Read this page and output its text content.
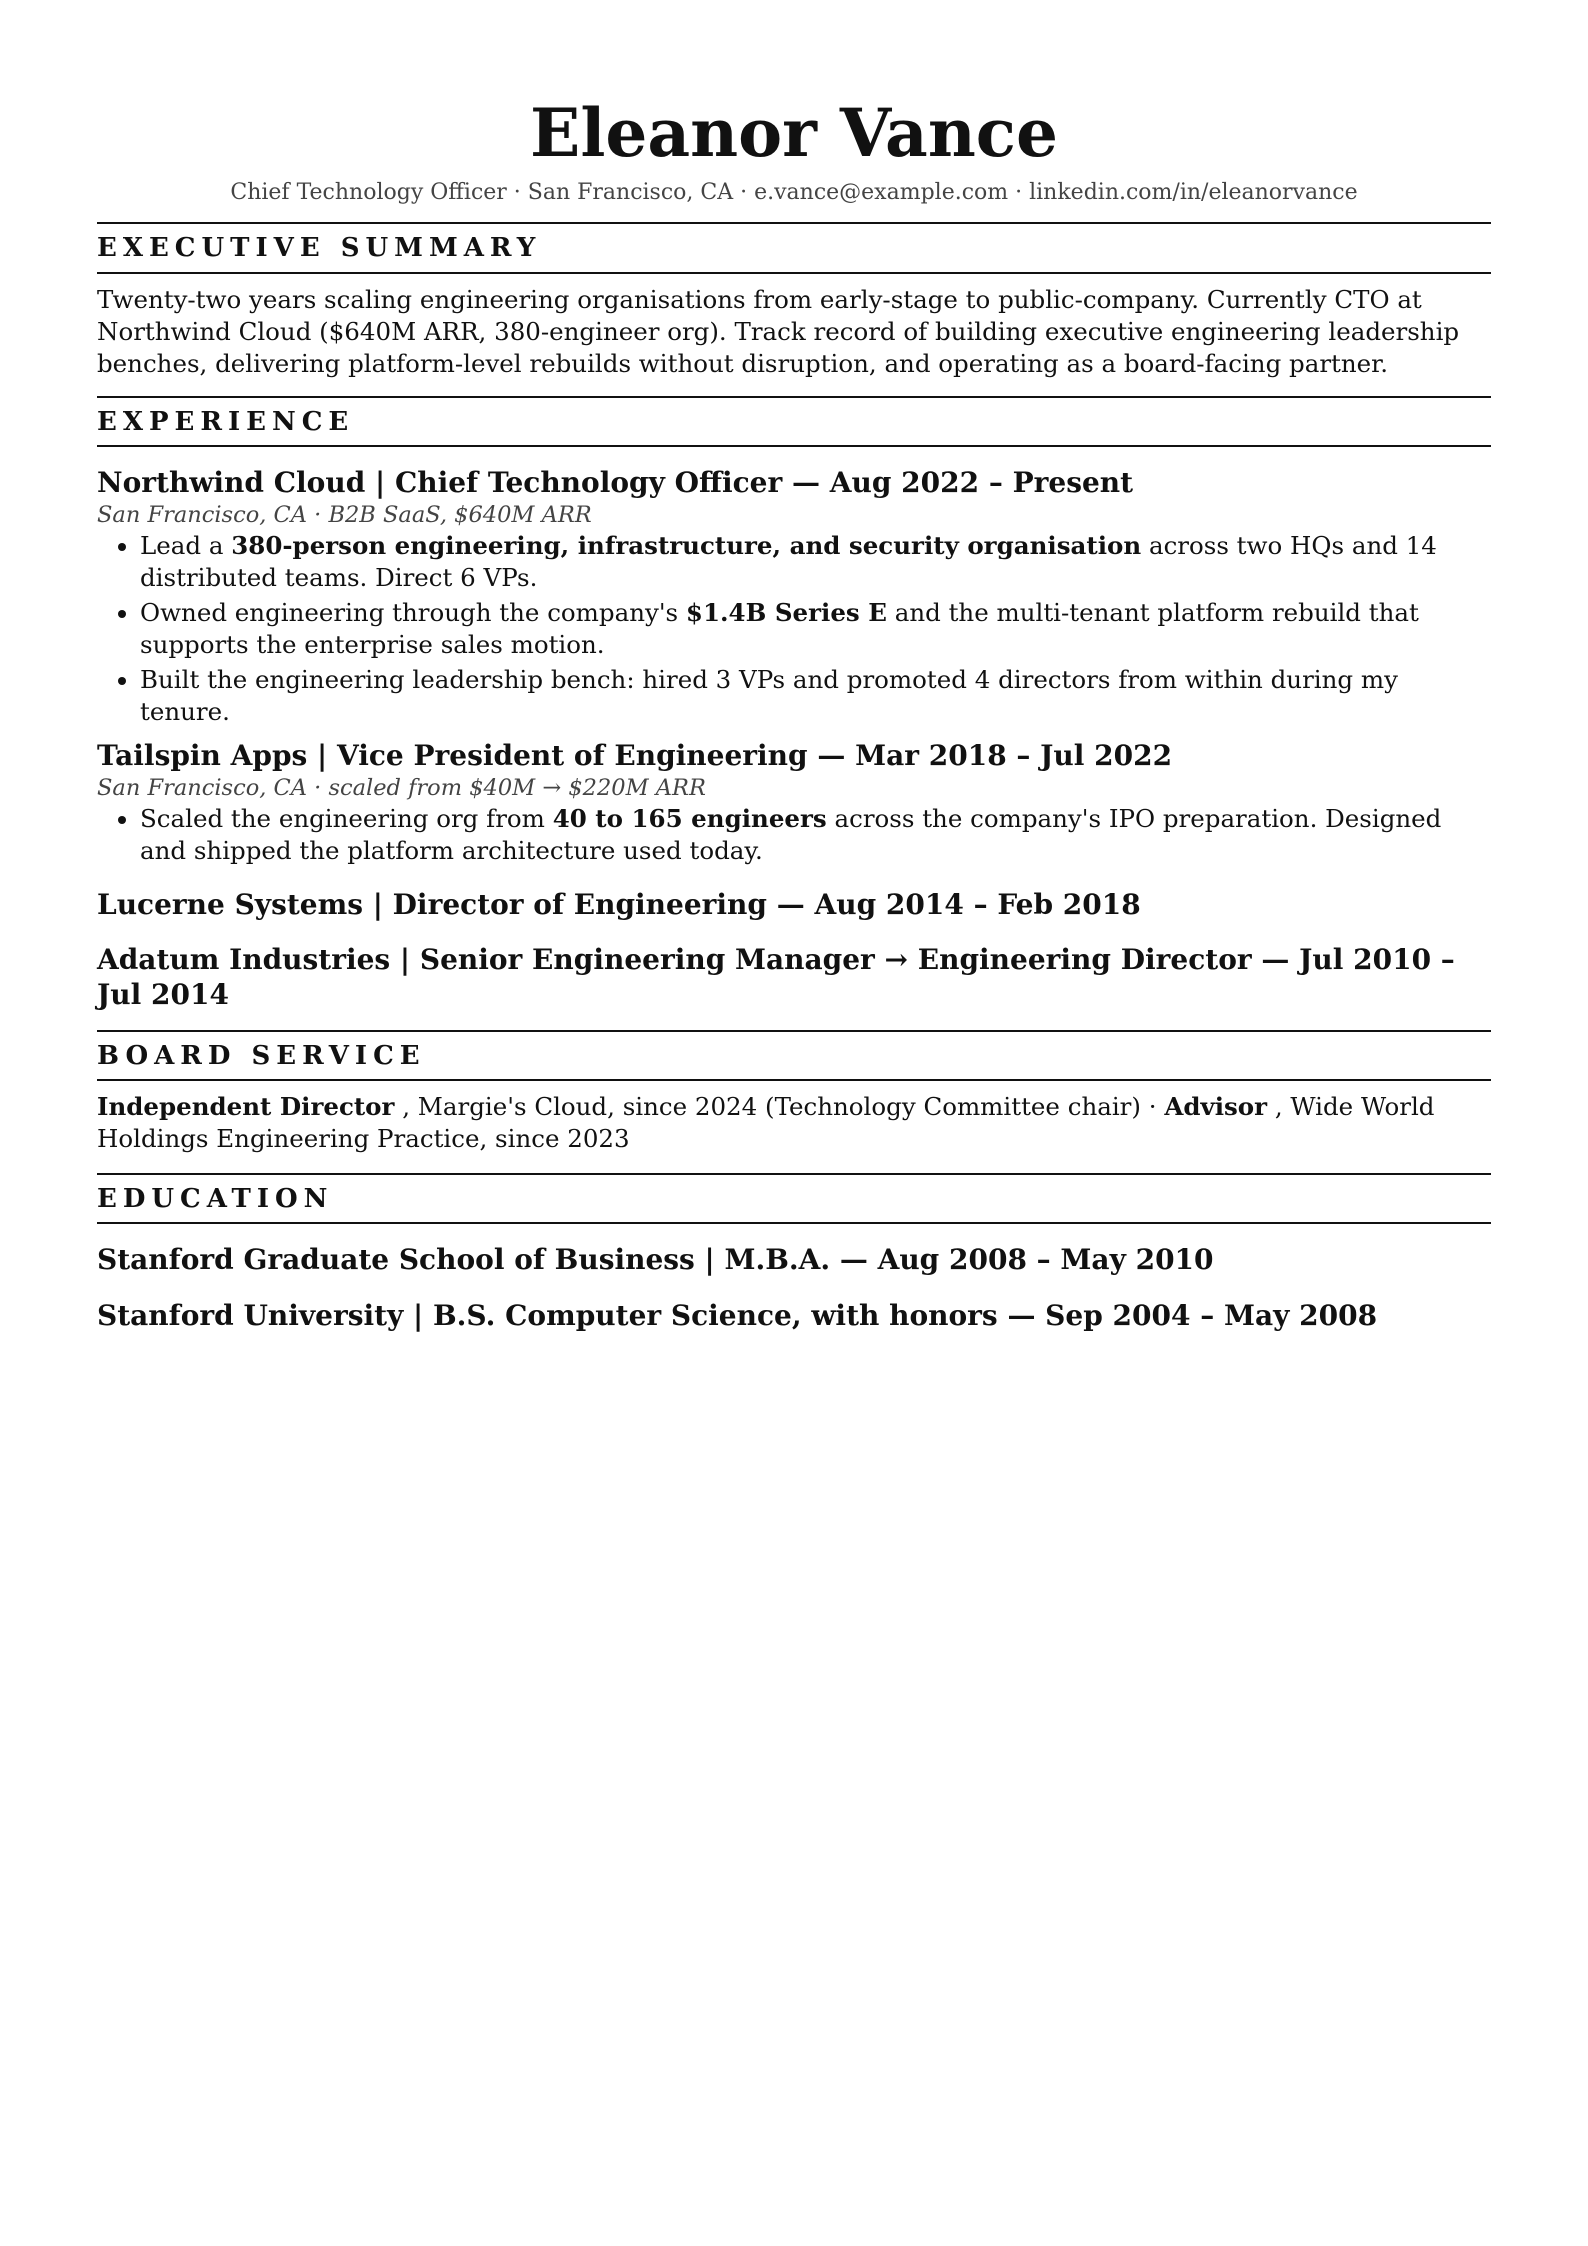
Eleanor Vance
Chief Technology Officer · San Francisco, CA · e.vance@example.com · linkedin.com/in/eleanorvance
EXECUTIVE SUMMARY

Twenty-two years scaling engineering organisations from early-stage to public-company. Currently CTO at Northwind Cloud ($640M ARR, 380-engineer org). Track record of building executive engineering leadership benches, delivering platform-level rebuilds without disruption, and operating as a board-facing partner.

EXPERIENCE
Northwind Cloud | Chief Technology Officer — Aug 2022 – Present
San Francisco, CA · B2B SaaS, $640M ARR
• Lead a 380-person engineering, infrastructure, and security organisation across two HQs and 14 distributed teams. Direct 6 VPs.
• Owned engineering through the company's $1.4B Series E and the multi-tenant platform rebuild that supports the enterprise sales motion.
• Built the engineering leadership bench: hired 3 VPs and promoted 4 directors from within during my tenure.
Tailspin Apps | Vice President of Engineering — Mar 2018 – Jul 2022
San Francisco, CA · scaled from $40M → $220M ARR
• Scaled the engineering org from 40 to 165 engineers across the company's IPO preparation. Designed and shipped the platform architecture used today.
Lucerne Systems | Director of Engineering — Aug 2014 – Feb 2018
Adatum Industries | Senior Engineering Manager → Engineering Director — Jul 2010 – Jul 2014
BOARD SERVICE

Independent Director , Margie's Cloud, since 2024 (Technology Committee chair) · Advisor , Wide World Holdings Engineering Practice, since 2023

EDUCATION
Stanford Graduate School of Business | M.B.A. — Aug 2008 – May 2010
Stanford University | B.S. Computer Science, with honors — Sep 2004 – May 2008
